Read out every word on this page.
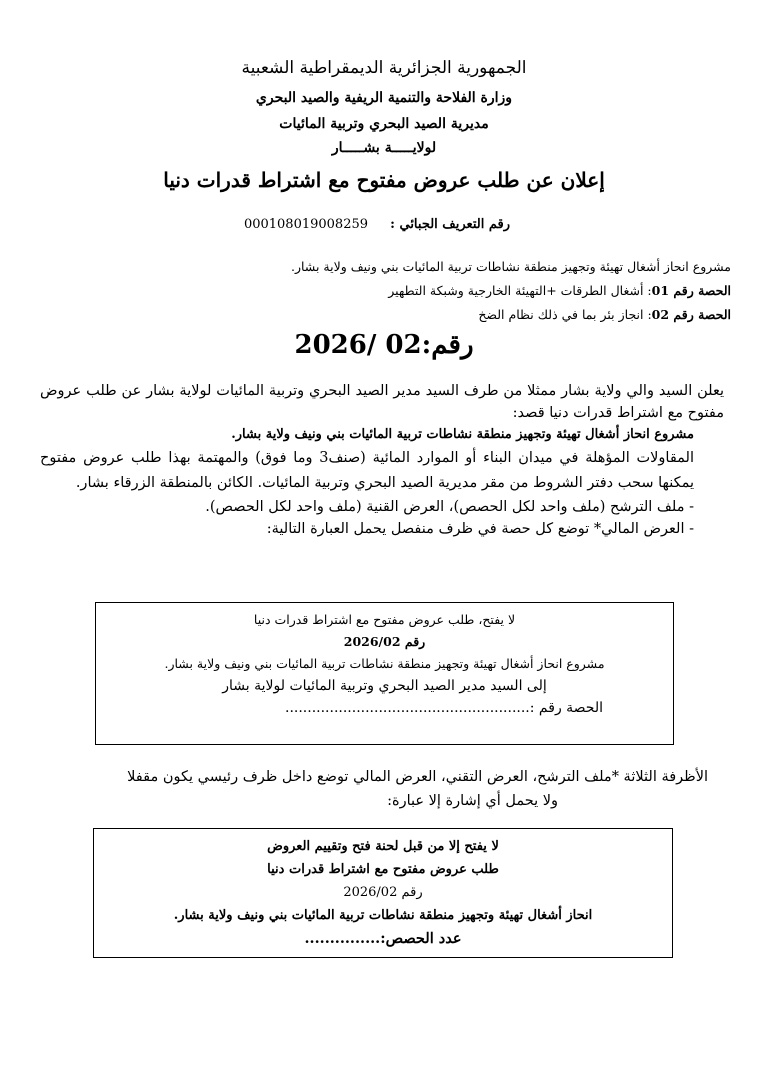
الجمهورية الجزائرية الديمقراطية الشعبية
وزارة الفلاحة والتنمية الريفية والصيد البحري
مديرية الصيد البحري وتربية المائيات
لولايـــــة بشـــــار
إعلان عن طلب عروض مفتوح مع اشتراط قدرات دنيا
رقم التعريف الجبائي : 000108019008259
مشروع انحاز أشغال تهيئة وتجهيز منطقة نشاطات تربية المائيات بني ونيف ولاية بشار.
الحصة رقم 01: أشغال الطرقات +التهيئة الخارجية وشبكة التطهير
الحصة رقم 02: انجاز بئر بما في ذلك نظام الضخ
رقم:02 /2026

يعلن السيد والي ولاية بشار ممثلا من طرف السيد مدير الصيد البحري وتربية المائيات لولاية بشار عن طلب عروض مفتوح مع اشتراط قدرات دنيا قصد:

مشروع انحاز أشغال تهيئة وتجهيز منطقة نشاطات تربية المائيات بني ونيف ولاية بشار.

المقاولات المؤهلة في ميدان البناء أو الموارد المائية (صنف3 وما فوق) والمهتمة بهذا طلب عروض مفتوح يمكنها سحب دفتر الشروط من مقر مديرية الصيد البحري وتربية المائيات. الكائن بالمنطقة الزرقاء بشار.

- ملف الترشح (ملف واحد لكل الحصص)، العرض القنية (ملف واحد لكل الحصص).

- العرض المالي* توضع كل حصة في ظرف منفصل يحمل العبارة التالية:

لا يفتح، طلب عروض مفتوح مع اشتراط قدرات دنيا
رقم 2026/02
مشروع انحاز أشغال تهيئة وتجهيز منطقة نشاطات تربية المائيات بني ونيف ولاية بشار.
إلى السيد مدير الصيد البحري وتربية المائيات لولاية بشار
الحصة رقم :.......................................................

الأظرفة الثلاثة *ملف الترشح، العرض التقني، العرض المالي توضع داخل ظرف رئيسي يكون مقفلا

ولا يحمل أي إشارة إلا عبارة:

لا يفتح إلا من قبل لحنة فتح وتقييم العروض
طلب عروض مفتوح مع اشتراط قدرات دنيا
رقم 2026/02
انحاز أشغال تهيئة وتجهيز منطقة نشاطات تربية المائيات بني ونيف ولاية بشار.
عدد الحصص:...............
